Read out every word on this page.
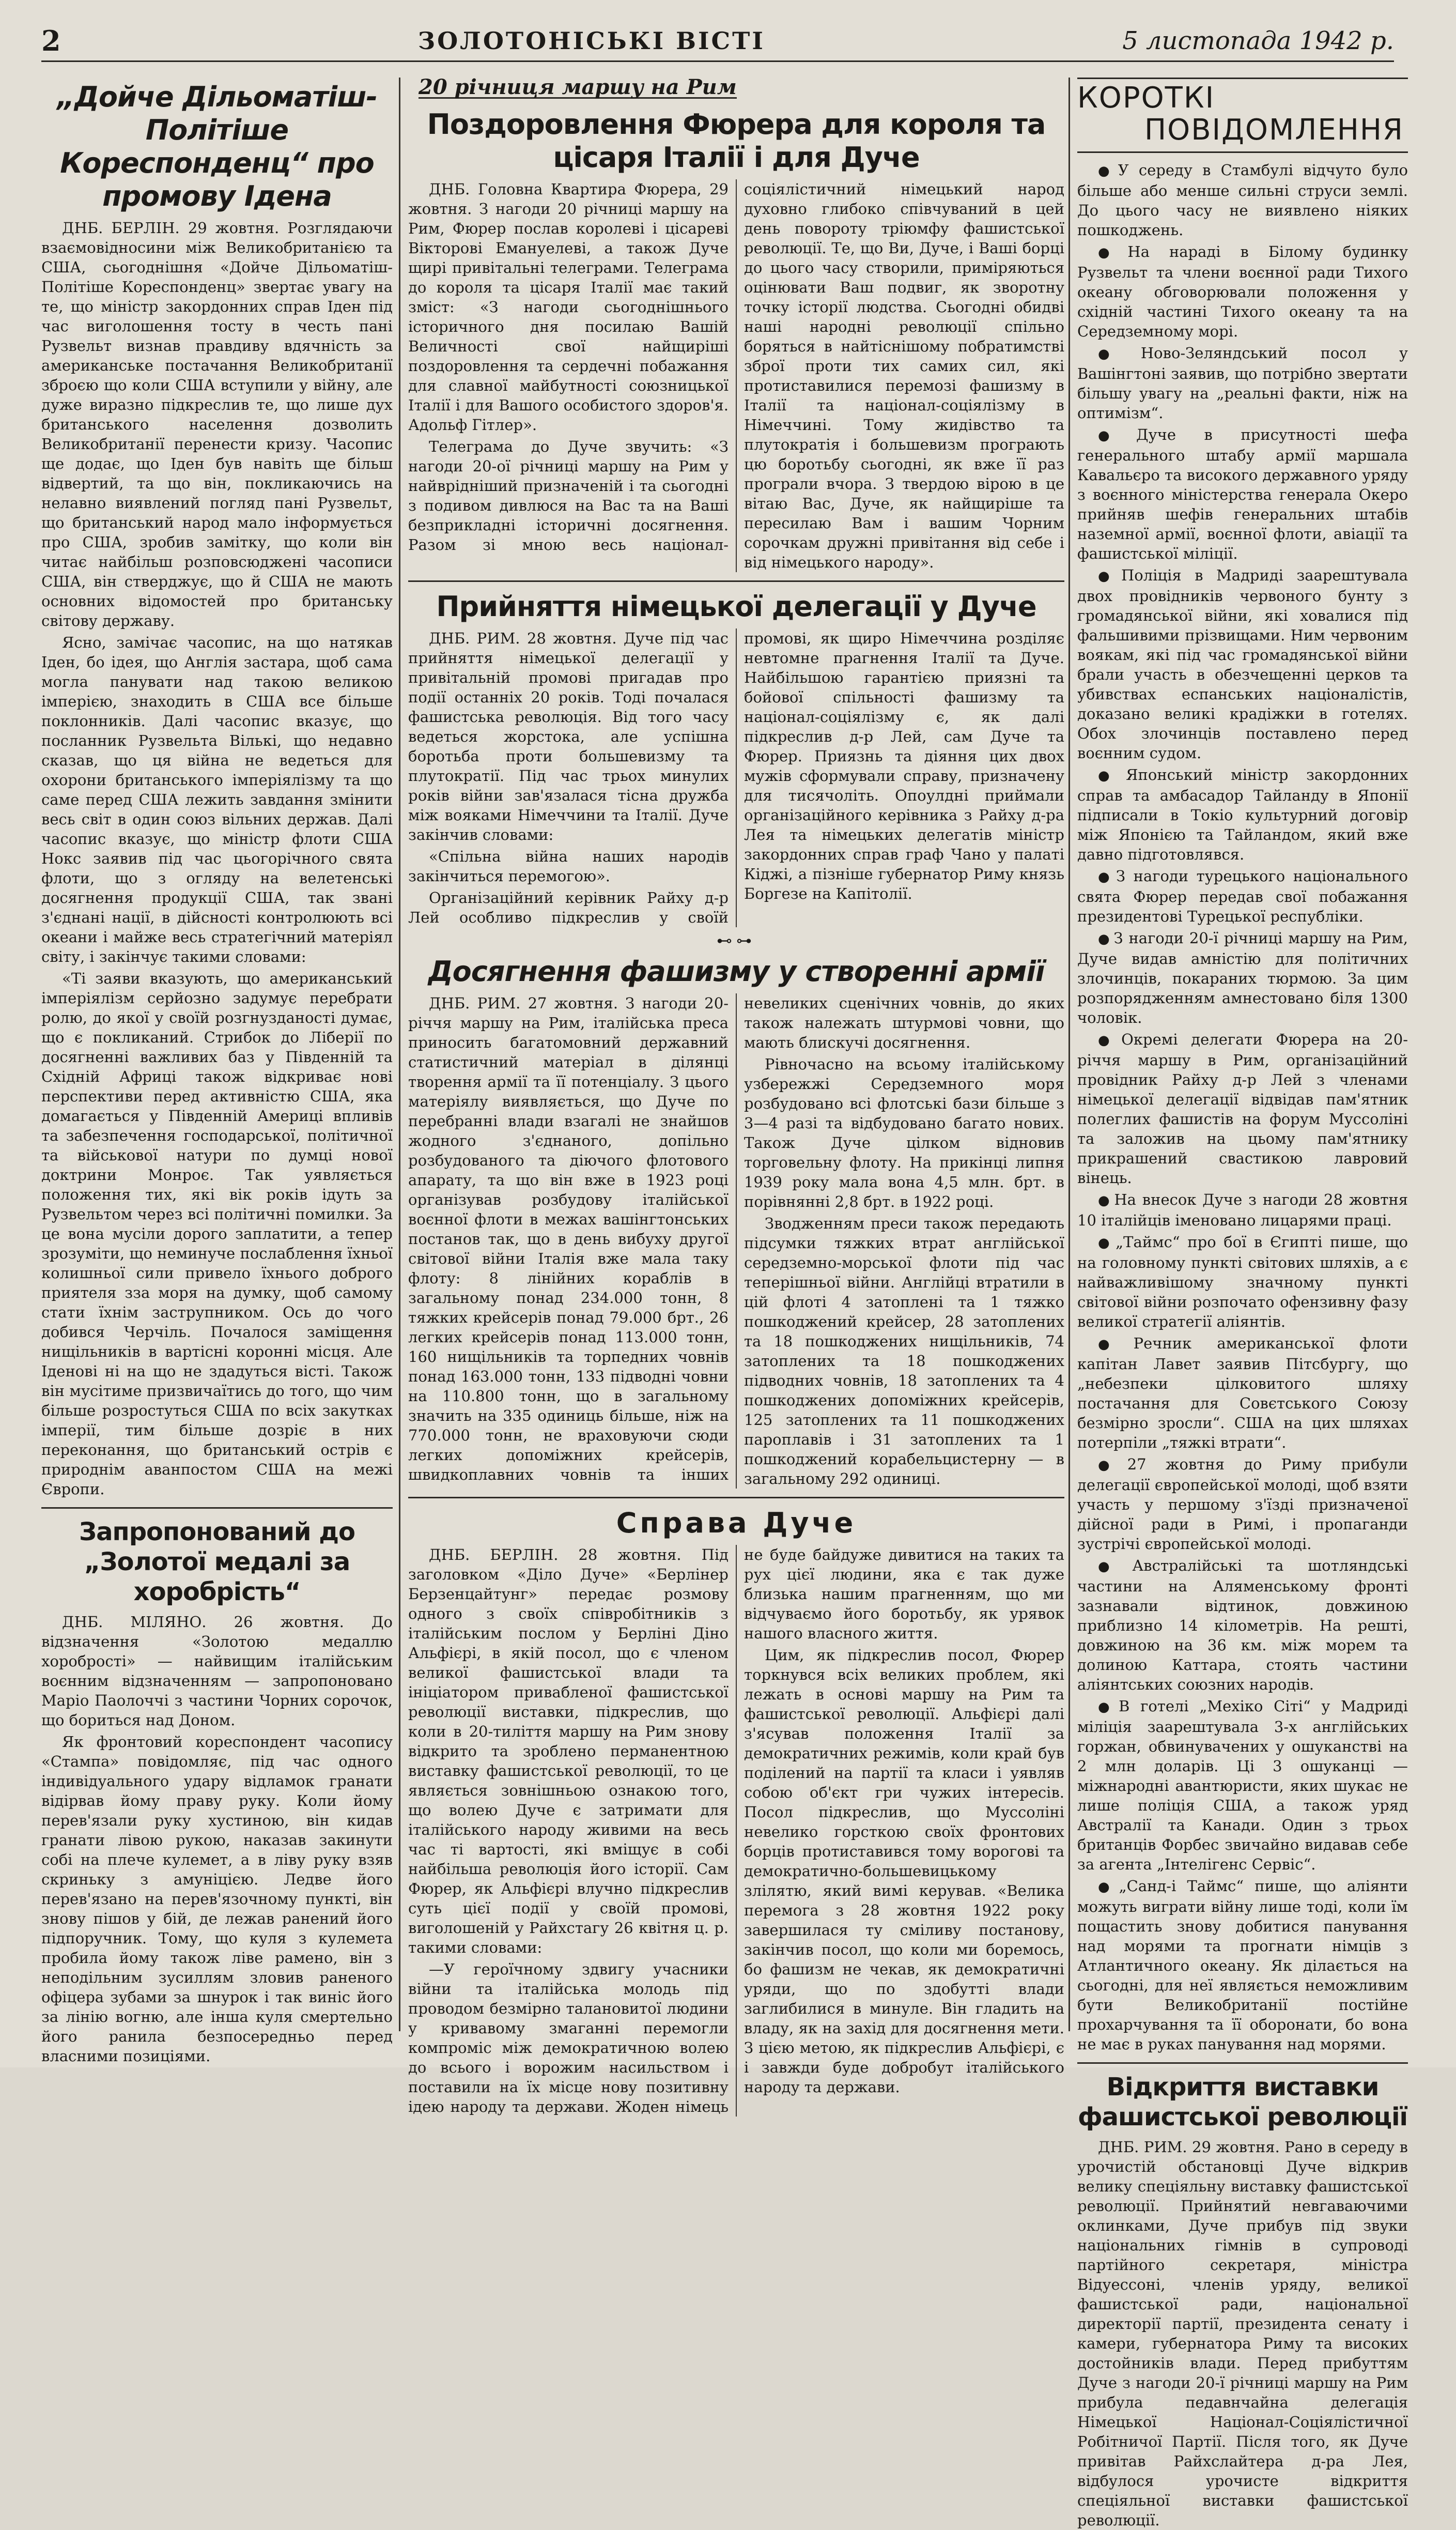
2	ЗОЛОТОНІСЬКІ ВІСТІ	5 листопада 1942 р.
„Дойче Дільоматіш-Політіше Кореспонденц“ про промову Ідена

ДНБ. БЕРЛІН. 29 жовтня. Розглядаючи взаємовідносини між Великобританією та США, сьогоднішня «Дойче Дільоматіш-Політіше Кореспонденц» звертає увагу на те, що міністр закордонних справ Іден під час виголошення тосту в честь пані Рузвельт визнав правдиву вдячність за американське постачання Великобританії зброєю що коли США вступили у війну, але дуже виразно підкреслив те, що лише дух британського населення дозволить Великобританії перенести кризу. Часопис ще додає, що Іден був навіть ще більш відвертий, та що він, покликаючись на нелавно виявлений погляд пані Рузвельт, що британський народ мало інформується про США, зробив замітку, що коли він читає найбільш розповсюджені часописи США, він стверджує, що й США не мають основних відомостей про британську світову державу.

Ясно, замічає часопис, на що натякав Іден, бо ідея, що Англія застара, щоб сама могла панувати над такою великою імперією, знаходить в США все більше поклонників. Далі часопис вказує, що посланник Рузвельта Вількі, що недавно сказав, що ця війна не ведеться для охорони британського імперіялізму та що саме перед США лежить завдання змінити весь світ в один союз вільних держав. Далі часопис вказує, що міністр флоти США Нокс заявив під час цьогорічного свята флоти, що з огляду на велетенські досягнення продукції США, так звані з'єднані нації, в дійсності контролюють всі океани і майже весь стратегічний матеріял світу, і закінчує такими словами:

«Ті заяви вказують, що американський імперіялізм серйозно задумує перебрати ролю, до якої у своїй розгнузданості думає, що є покликаний. Стрибок до Ліберії по досягненні важливих баз у Південній та Східній Африці також відкриває нові перспективи перед активністю США, яка домагається у Південній Америці впливів та забезпечення господарської, політичної та військової натури по думці нової доктрини Монроє. Так уявляється положення тих, які вік років ідуть за Рузвельтом через всі політичні помилки. За це вона мусіли дорого заплатити, а тепер зрозуміти, що неминуче послаблення їхньої колишньої сили привело їхнього доброго приятеля зза моря на думку, щоб самому стати їхнім заструпником. Ось до чого добився Черчіль. Почалося заміщення нищільників в вартісні коронні місця. Але Іденові ні на що не здадуться вісті. Також він мусітиме призвичаїтись до того, що чим більше розростуться США по всіх закутках імперії, тим більше дозріє в них переконання, що британський острів є природнім аванпостом США на межі Європи.

Запропонований до „Золотої медалі за хоробрість“

ДНБ. МІЛЯНО. 26 жовтня. До відзначення «Золотою медаллю хоробрості» — найвищим італійським воєнним відзначенням — запропоновано Маріо Паолоччі з частини Чорних сорочок, що бориться над Доном.

Як фронтовий кореспондент часопису «Стампа» повідомляє, під час одного індивідуального удару відламок гранати відірвав йому праву руку. Коли йому перев'язали руку хустиною, він кидав гранати лівою рукою, наказав закинути собі на плече кулемет, а в ліву руку взяв скриньку з амуніцією. Ледве його перев'язано на перев'язочному пункті, він знову пішов у бій, де лежав ранений його підпоручник. Тому, що куля з кулемета пробила йому також ліве рамено, він з неподільним зусиллям зловив раненого офіцера зубами за шнурок і так виніс його за лінію вогню, але інша куля смертельно його ранила безпосередньо перед власними позиціями.

20 річниця маршу на Рим
Поздоровлення Фюрера для короля та цісаря Італії і для Дуче

ДНБ. Головна Квартира Фюрера, 29 жовтня. З нагоди 20 річниці маршу на Рим, Фюрер послав королеві і цісареві Вікторові Емануелеві, а також Дуче щирі привітальні телеграми. Телеграма до короля та цісаря Італії має такий зміст: «З нагоди сьогоднішнього історичного дня посилаю Вашій Величності свої найщиріші поздоровлення та сердечні побажання для славної майбутності союзницької Італії і для Вашого особистого здоров'я. Адольф Гітлер».

Телеграма до Дуче звучить: «З нагоди 20-ої річниці маршу на Рим у найврідніший призначеній і та сьогодні з подивом дивлюся на Вас та на Ваші безприкладні історичні досягнення. Разом зі мною весь націонал-соціялістичний німецький народ духовно глибоко співчуваний в цей день повороту тріюмфу фашистської революції. Те, що Ви, Дуче, і Ваші борці до цього часу створили, приміряються оцінювати Ваш подвиг, як зворотну точку історії людства. Сьогодні обидві наші народні революції спільно боряться в найтіснішому побратимстві зброї проти тих самих сил, які протиставилися перемозі фашизму в Італії та націонал-соціялізму в Німеччині. Тому жидівство та плутократія і большевизм програють цю боротьбу сьогодні, як вже її раз програли вчора. З твердою вірою в це вітаю Вас, Дуче, як найщиріше та пересилаю Вам і вашим Чорним сорочкам дружні привітання від себе і від німецького народу».

Прийняття німецької делегації у Дуче

ДНБ. РИМ. 28 жовтня. Дуче під час прийняття німецької делегації у привітальній промові пригадав про події останніх 20 років. Тоді почалася фашистська революція. Від того часу ведеться жорстока, але успішна боротьба проти большевизму та плутократії. Під час трьох минулих років війни зав'язалася тісна дружба між вояками Німеччини та Італії. Дуче закінчив словами:

«Спільна війна наших народів закінчиться перемогою».

Організаційний керівник Райху д-р Лей особливо підкреслив у своїй промові, як щиро Німеччина розділяє невтомне прагнення Італії та Дуче. Найбільшою гарантією приязні та бойової спільності фашизму та націонал-соціялізму є, як далі підкреслив д-р Лей, сам Дуче та Фюрер. Приязнь та діяння цих двох мужів сформували справу, призначену для тисячоліть. Опоулдні приймали організаційного керівника з Райху д-ра Лея та німецьких делегатів міністр закордонних справ граф Чано у палаті Кіджі, а пізніше губернатор Риму князь Боргезе на Капітолії.

⊷⊶
Досягнення фашизму у створенні армії

ДНБ. РИМ. 27 жовтня. З нагоди 20-річчя маршу на Рим, італійська преса приносить багатомовний державний статистичний матеріал в ділянці творення армії та її потенціалу. З цього матеріялу виявляється, що Дуче по перебранні влади взагалі не знайшов жодного з'єднаного, допільно розбудованого та діючого флотового апарату, та що він вже в 1923 році організував розбудову італійської воєнної флоти в межах вашінгтонських постанов так, що в день вибуху другої світової війни Італія вже мала таку флоту: 8 лінійних кораблів в загальному понад 234.000 тонн, 8 тяжких крейсерів понад 79.000 брт., 26 легких крейсерів понад 113.000 тонн, 160 нищільників та торпедних човнів понад 163.000 тонн, 133 підводні човни на 110.800 тонн, що в загальному значить на 335 одиниць більше, ніж на 770.000 тонн, не враховуючи сюди легких допоміжних крейсерів, швидкоплавних човнів та інших невеликих сценічних човнів, до яких також належать штурмові човни, що мають блискучі досягнення.

Рівночасно на всьому італійському узбережжі Середземного моря розбудовано всі флотські бази більше з 3—4 разі та відбудовано багато нових. Також Дуче цілком відновив торговельну флоту. На прикінці липня 1939 року мала вона 4,5 млн. брт. в порівнянні 2,8 брт. в 1922 році.

Зводженням преси також передають підсумки тяжких втрат англійської середземно-морської флоти під час теперішньої війни. Англійці втратили в цій флоті 4 затоплені та 1 тяжко пошкоджений крейсер, 28 затоплених та 18 пошкоджених нищільників, 74 затоплених та 18 пошкоджених підводних човнів, 18 затоплених та 4 пошкоджених допоміжних крейсерів, 125 затоплених та 11 пошкоджених пароплавів і 31 затоплених та 1 пошкоджений корабельцистерну — в загальному 292 одиниці.

Справа Дуче

ДНБ. БЕРЛІН. 28 жовтня. Під заголовком «Діло Дуче» «Берлінер Берзенцайтунг» передає розмову одного з своїх співробітників з італійським послом у Берліні Діно Альфієрі, в якій посол, що є членом великої фашистської влади та ініціатором привабленої фашистської революції виставки, підкреслив, що коли в 20-тиліття маршу на Рим знову відкрито та зроблено перманентною виставку фашистської революції, то це являється зовнішньою ознакою того, що волею Дуче є затримати для італійського народу живими на весь час ті вартості, які вміщує в собі найбільша революція його історії. Сам Фюрер, як Альфієрі влучно підкреслив суть цієї події у своїй промові, виголошеній у Райхстагу 26 квітня ц. р. такими словами:

—У героїчному здвигу учасники війни та італійська молодь під проводом безмірно талановитої людини у кривавому змаганні перемогли компроміс між демократичною волею до всього і ворожим насильством і поставили на їх місце нову позитивну ідею народу та держави. Жоден німець не буде байдуже дивитися на таких та рух цієї людини, яка є так дуже близька нашим прагненням, що ми відчуваємо його боротьбу, як урявок нашого власного життя.

Цим, як підкреслив посол, Фюрер торкнувся всіх великих проблем, які лежать в основі маршу на Рим та фашистської революції. Альфієрі далі з'ясував положення Італії за демократичних режимів, коли край був поділений на партії та класи і уявляв собою об'єкт гри чужих інтересів. Посол підкреслив, що Муссоліні невелико горсткою своїх фронтових борців протиставився тому ворогові та демократично-большевицькому злілятю, який вимі керував. «Велика перемога з 28 жовтня 1922 року завершилася ту сміливу постанову, закінчив посол, що коли ми боремось, бо фашизм не чекав, як демократичні уряди, що по здобутті влади заглибилися в минуле. Він гладить на владу, як на захід для досягнення мети. З цією метою, як підкреслив Альфієрі, є і завжди буде добробут італійського народу та держави.

КОРОТКІ
ПОВІДОМЛЕННЯ

● У середу в Стамбулі відчуто було більше або менше сильні струси землі. До цього часу не виявлено ніяких пошкоджень.

● На нараді в Білому будинку Рузвельт та члени воєнної ради Тихого океану обговорювали положення у східній частині Тихого океану та на Середземному морі.

● Ново-Зеляндський посол у Вашінгтоні заявив, що потрібно звертати більшу увагу на „реальні факти, ніж на оптимізм“.

● Дуче в присутності шефа генерального штабу армії маршала Кавальєро та високого державного уряду з воєнного міністерства генерала Океро прийняв шефів генеральних штабів наземної армії, воєнної флоти, авіації та фашистської міліції.

● Поліція в Мадриді заарештувала двох провідників червоного бунту з громадянської війни, які ховалися під фальшивими прізвищами. Ним червоним воякам, які під час громадянської війни брали участь в обезчещенні церков та убивствах еспанських націоналістів, доказано великі крадіжки в готелях. Обох злочинців поставлено перед воєнним судом.

● Японський міністр закордонних справ та амбасадор Тайланду в Японії підписали в Токіо культурний договір між Японією та Тайландом, який вже давно підготовлявся.

● З нагоди турецького національного свята Фюрер передав свої побажання президентові Турецької республіки.

● З нагоди 20-ї річниці маршу на Рим, Дуче видав амністію для політичних злочинців, покараних тюрмою. За цим розпорядженням амнестовано біля 1300 чоловік.

● Окремі делегати Фюрера на 20-річчя маршу в Рим, організаційний провідник Райху д-р Лей з членами німецької делегації відвідав пам'ятник полеглих фашистів на форум Муссоліні та заложив на цьому пам'ятнику прикрашений свастикою лавровий вінець.

● На внесок Дуче з нагоди 28 жовтня 10 італійців іменовано лицарями праці.

● „Таймс“ про бої в Єгипті пише, що на головному пункті світових шляхів, а є найважливішому значному пункті світової війни розпочато офензивну фазу великої стратегії аліянтів.

● Речник американської флоти капітан Лавет заявив Пітсбургу, що „небезпеки цілковитого шляху постачання для Совєтського Союзу безмірно зросли“. США на цих шляхах потерпіли „тяжкі втрати“.

● 27 жовтня до Риму прибули делегації європейської молоді, щоб взяти участь у першому з'їзді призначеної дійсної ради в Римі, і пропаганди зустрічі європейської молоді.

● Австралійські та шотляндські частини на Аляменському фронті зазнавали відтинок, довжиною приблизно 14 кілометрів. На решті, довжиною на 36 км. між морем та долиною Каттара, стоять частини аліянтських союзних народів.

● В готелі „Мехіко Сіті“ у Мадриді міліція заарештувала 3-х англійських горжан, обвинувачених у ошуканстві на 2 млн доларів. Ці 3 ошуканці — міжнародні авантюристи, яких шукає не лише поліція США, а також уряд Австралії та Канади. Один з трьох британців Форбес звичайно видавав себе за агента „Інтелігенс Сервіс“.

● „Санд-і Таймс“ пише, що аліянти можуть виграти війну лише тоді, коли їм пощастить знову добитися панування над морями та прогнати німців з Атлантичного океану. Як ділається на сьогодні, для неї являється неможливим бути Великобританії постійне прохарчування та її оборонати, бо вона не має в руках панування над морями.

Відкриття виставки фашистської революції

ДНБ. РИМ. 29 жовтня. Рано в середу в урочистій обстановці Дуче відкрив велику спеціяльну виставку фашистської революції. Прийнятий невгаваючими оклинками, Дуче прибув під звуки національних гімнів в супроводі партійного секретаря, міністра Відуессоні, членів уряду, великої фашистської ради, національної директорії партії, президента сенату і камери, губернатора Риму та високих достойників влади. Перед прибуттям Дуче з нагоди 20-ї річниці маршу на Рим прибула педавнчайна делегація Німецької Націонал-Соціялістичної Робітничої Партії. Після того, як Дуче привітав Райхслайтера д-ра Лея, відбулося урочисте відкриття спеціяльної виставки фашистської революції.
